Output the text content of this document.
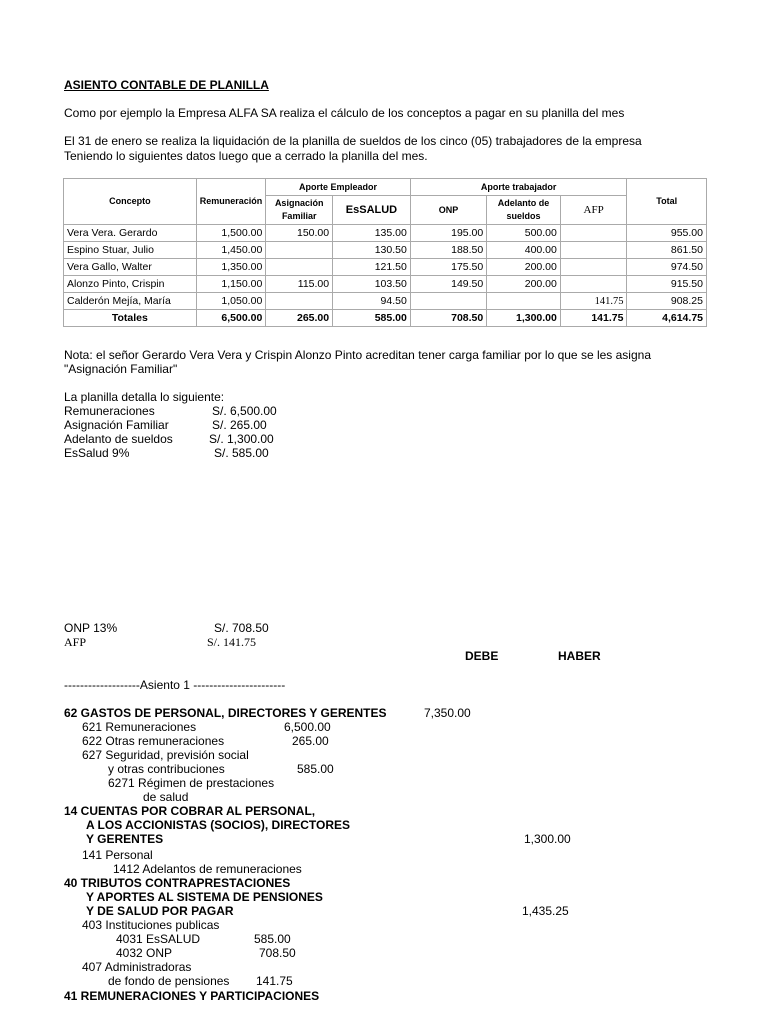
ASIENTO CONTABLE DE PLANILLA
Como por ejemplo la Empresa ALFA SA realiza el cálculo de los conceptos a pagar en su planilla del mes
El 31 de enero se realiza la liquidación de la planilla de sueldos de los cinco (05) trabajadores de la empresa
Teniendo lo siguientes datos luego que a cerrado la planilla del mes.
Concepto	Remuneración	Aporte Empleador		Aporte trabajador			Total
		Asignación Familiar	EsSALUD	ONP	Adelanto de sueldos	AFP	
Vera Vera. Gerardo	1,500.00	150.00	135.00	195.00	500.00		955.00
Espino Stuar, Julio	1,450.00		130.50	188.50	400.00		861.50
Vera Gallo, Walter	1,350.00		121.50	175.50	200.00		974.50
Alonzo Pinto, Crispin	1,150.00	115.00	103.50	149.50	200.00		915.50
Calderón Mejía, María	1,050.00		94.50			141.75	908.25
Totales	6,500.00	265.00	585.00	708.50	1,300.00	141.75	4,614.75
Nota: el señor Gerardo Vera Vera y Crispin Alonzo Pinto acreditan tener carga familiar por lo que se les asigna
"Asignación Familiar"
La planilla detalla lo siguiente:
Remuneraciones	S/. 6,500.00
Asignación Familiar	S/. 265.00
Adelanto de sueldos	S/. 1,300.00
EsSalud 9%	S/. 585.00
ONP 13%	S/. 708.50
AFP	S/. 141.75
DEBE	HABER
-------------------Asiento 1 -----------------------
62 GASTOS DE PERSONAL, DIRECTORES Y GERENTES	7,350.00
621 Remuneraciones	6,500.00
622 Otras remuneraciones	265.00
627 Seguridad, previsión social
y otras contribuciones	585.00
6271 Régimen de prestaciones
de salud
14 CUENTAS POR COBRAR AL PERSONAL,
A LOS ACCIONISTAS (SOCIOS), DIRECTORES
Y GERENTES	1,300.00
141 Personal
1412 Adelantos de remuneraciones
40 TRIBUTOS CONTRAPRESTACIONES
Y APORTES AL SISTEMA DE PENSIONES
Y DE SALUD POR PAGAR	1,435.25
403 Instituciones publicas
4031 EsSALUD	585.00
4032 ONP	708.50
407 Administradoras
de fondo de pensiones 141.75
41 REMUNERACIONES Y PARTICIPACIONES
